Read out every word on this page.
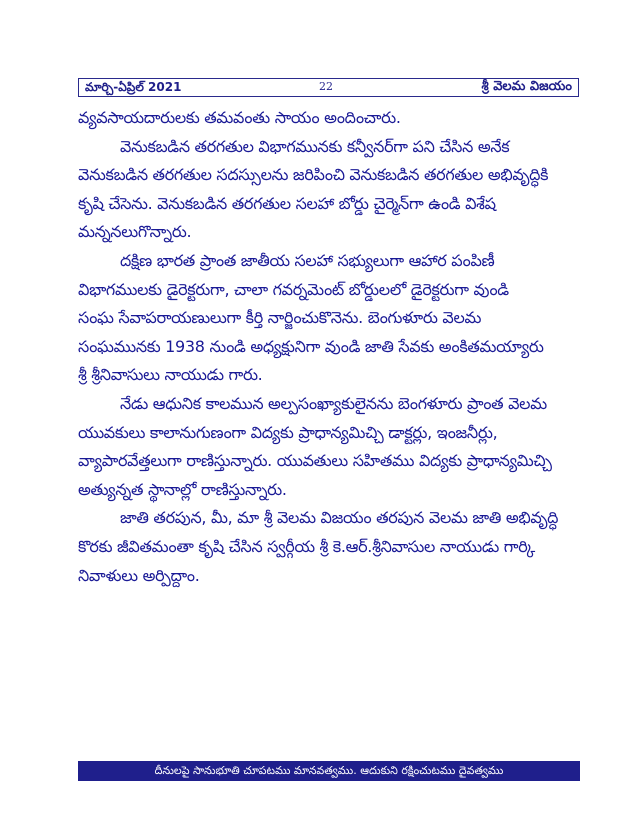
మార్చి-ఏప్రిల్ 2021	22	శ్రీ వెలమ విజయం
వ్యవసాయదారులకు తమవంతు సాయం అందించారు.
వెనుకబడిన తరగతుల విభాగమునకు కన్వీనర్‌గా పని చేసిన అనేక
వెనుకబడిన తరగతుల సదస్సులను జరిపించి వెనుకబడిన తరగతుల అభివృద్ధికి
కృషి చేసెను. వెనుకబడిన తరగతుల సలహా బోర్డు చైర్మెన్‌గా ఉండి విశేష
మన్ననలుగొన్నారు.
దక్షిణ భారత ప్రాంత జాతీయ సలహా సభ్యులుగా ఆహార పంపిణీ
విభాగములకు డైరెక్టరుగా, చాలా గవర్నమెంట్ బోర్డులలో డైరెక్టరుగా వుండి
సంఘ సేవాపరాయణులుగా కీర్తి నార్జించుకొనెను. బెంగుళూరు వెలమ
సంఘమునకు 1938 నుండి అధ్యక్షునిగా వుండి జాతి సేవకు అంకితమయ్యారు
శ్రీ శ్రీనివాసులు నాయుడు గారు.
నేడు ఆధునిక కాలమున అల్పసంఖ్యాకులైనను బెంగళూరు ప్రాంత వెలమ
యువకులు కాలానుగుణంగా విద్యకు ప్రాధాన్యమిచ్చి డాక్టర్లు, ఇంజనీర్లు,
వ్యాపారవేత్తలుగా రాణిస్తున్నారు. యువతులు సహితము విద్యకు ప్రాధాన్యమిచ్చి
అత్యున్నత స్థానాల్లో రాణిస్తున్నారు.
జాతి తరపున, మీ, మా శ్రీ వెలమ విజయం తరపున వెలమ జాతి అభివృద్ధి
కొరకు జీవితమంతా కృషి చేసిన స్వర్గీయ శ్రీ కె.ఆర్.శ్రీనివాసుల నాయుడు గార్కి
నివాళులు అర్పిద్దాం.
దీనులపై సానుభూతి చూపటము మానవత్వము. ఆదుకుని రక్షించుటము దైవత్వము
